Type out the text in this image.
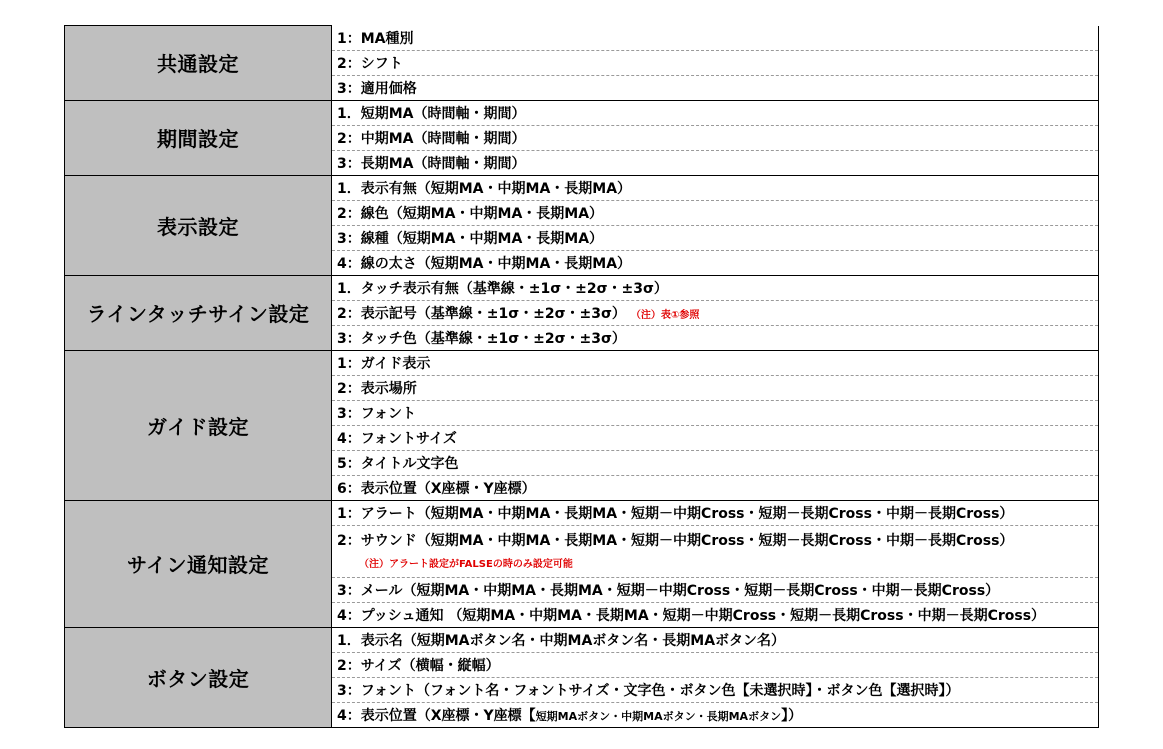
共通設定	1：MA種別
	2：シフト
	3：適用価格
期間設定	1．短期MA（時間軸・期間）
	2：中期MA（時間軸・期間）
	3：長期MA（時間軸・期間）
表示設定	1．表示有無（短期MA・中期MA・長期MA）
	2：線色（短期MA・中期MA・長期MA）
	3：線種（短期MA・中期MA・長期MA）
	4：線の太さ（短期MA・中期MA・長期MA）
ラインタッチサイン設定	1．タッチ表示有無（基準線・±1σ・±2σ・±3σ）
	2：表示記号（基準線・±1σ・±2σ・±3σ） （注）表①参照
	3：タッチ色（基準線・±1σ・±2σ・±3σ）
ガイド設定	1：ガイド表示
	2：表示場所
	3：フォント
	4：フォントサイズ
	5：タイトル文字色
	6：表示位置（X座標・Y座標）
サイン通知設定	1：アラート（短期MA・中期MA・長期MA・短期－中期Cross・短期－長期Cross・中期－長期Cross）
	2：サウンド（短期MA・中期MA・長期MA・短期－中期Cross・短期－長期Cross・中期－長期Cross）
（注）アラート設定がFALSEの時のみ設定可能

	3：メール（短期MA・中期MA・長期MA・短期－中期Cross・短期－長期Cross・中期－長期Cross）
	4：プッシュ通知 （短期MA・中期MA・長期MA・短期－中期Cross・短期－長期Cross・中期－長期Cross）
ボタン設定	1．表示名（短期MAボタン名・中期MAボタン名・長期MAボタン名）
	2：サイズ（横幅・縦幅）
	3：フォント（フォント名・フォントサイズ・文字色・ボタン色【未選択時】・ボタン色【選択時】）
	4：表示位置（X座標・Y座標【短期MAボタン・中期MAボタン・長期MAボタン】）
